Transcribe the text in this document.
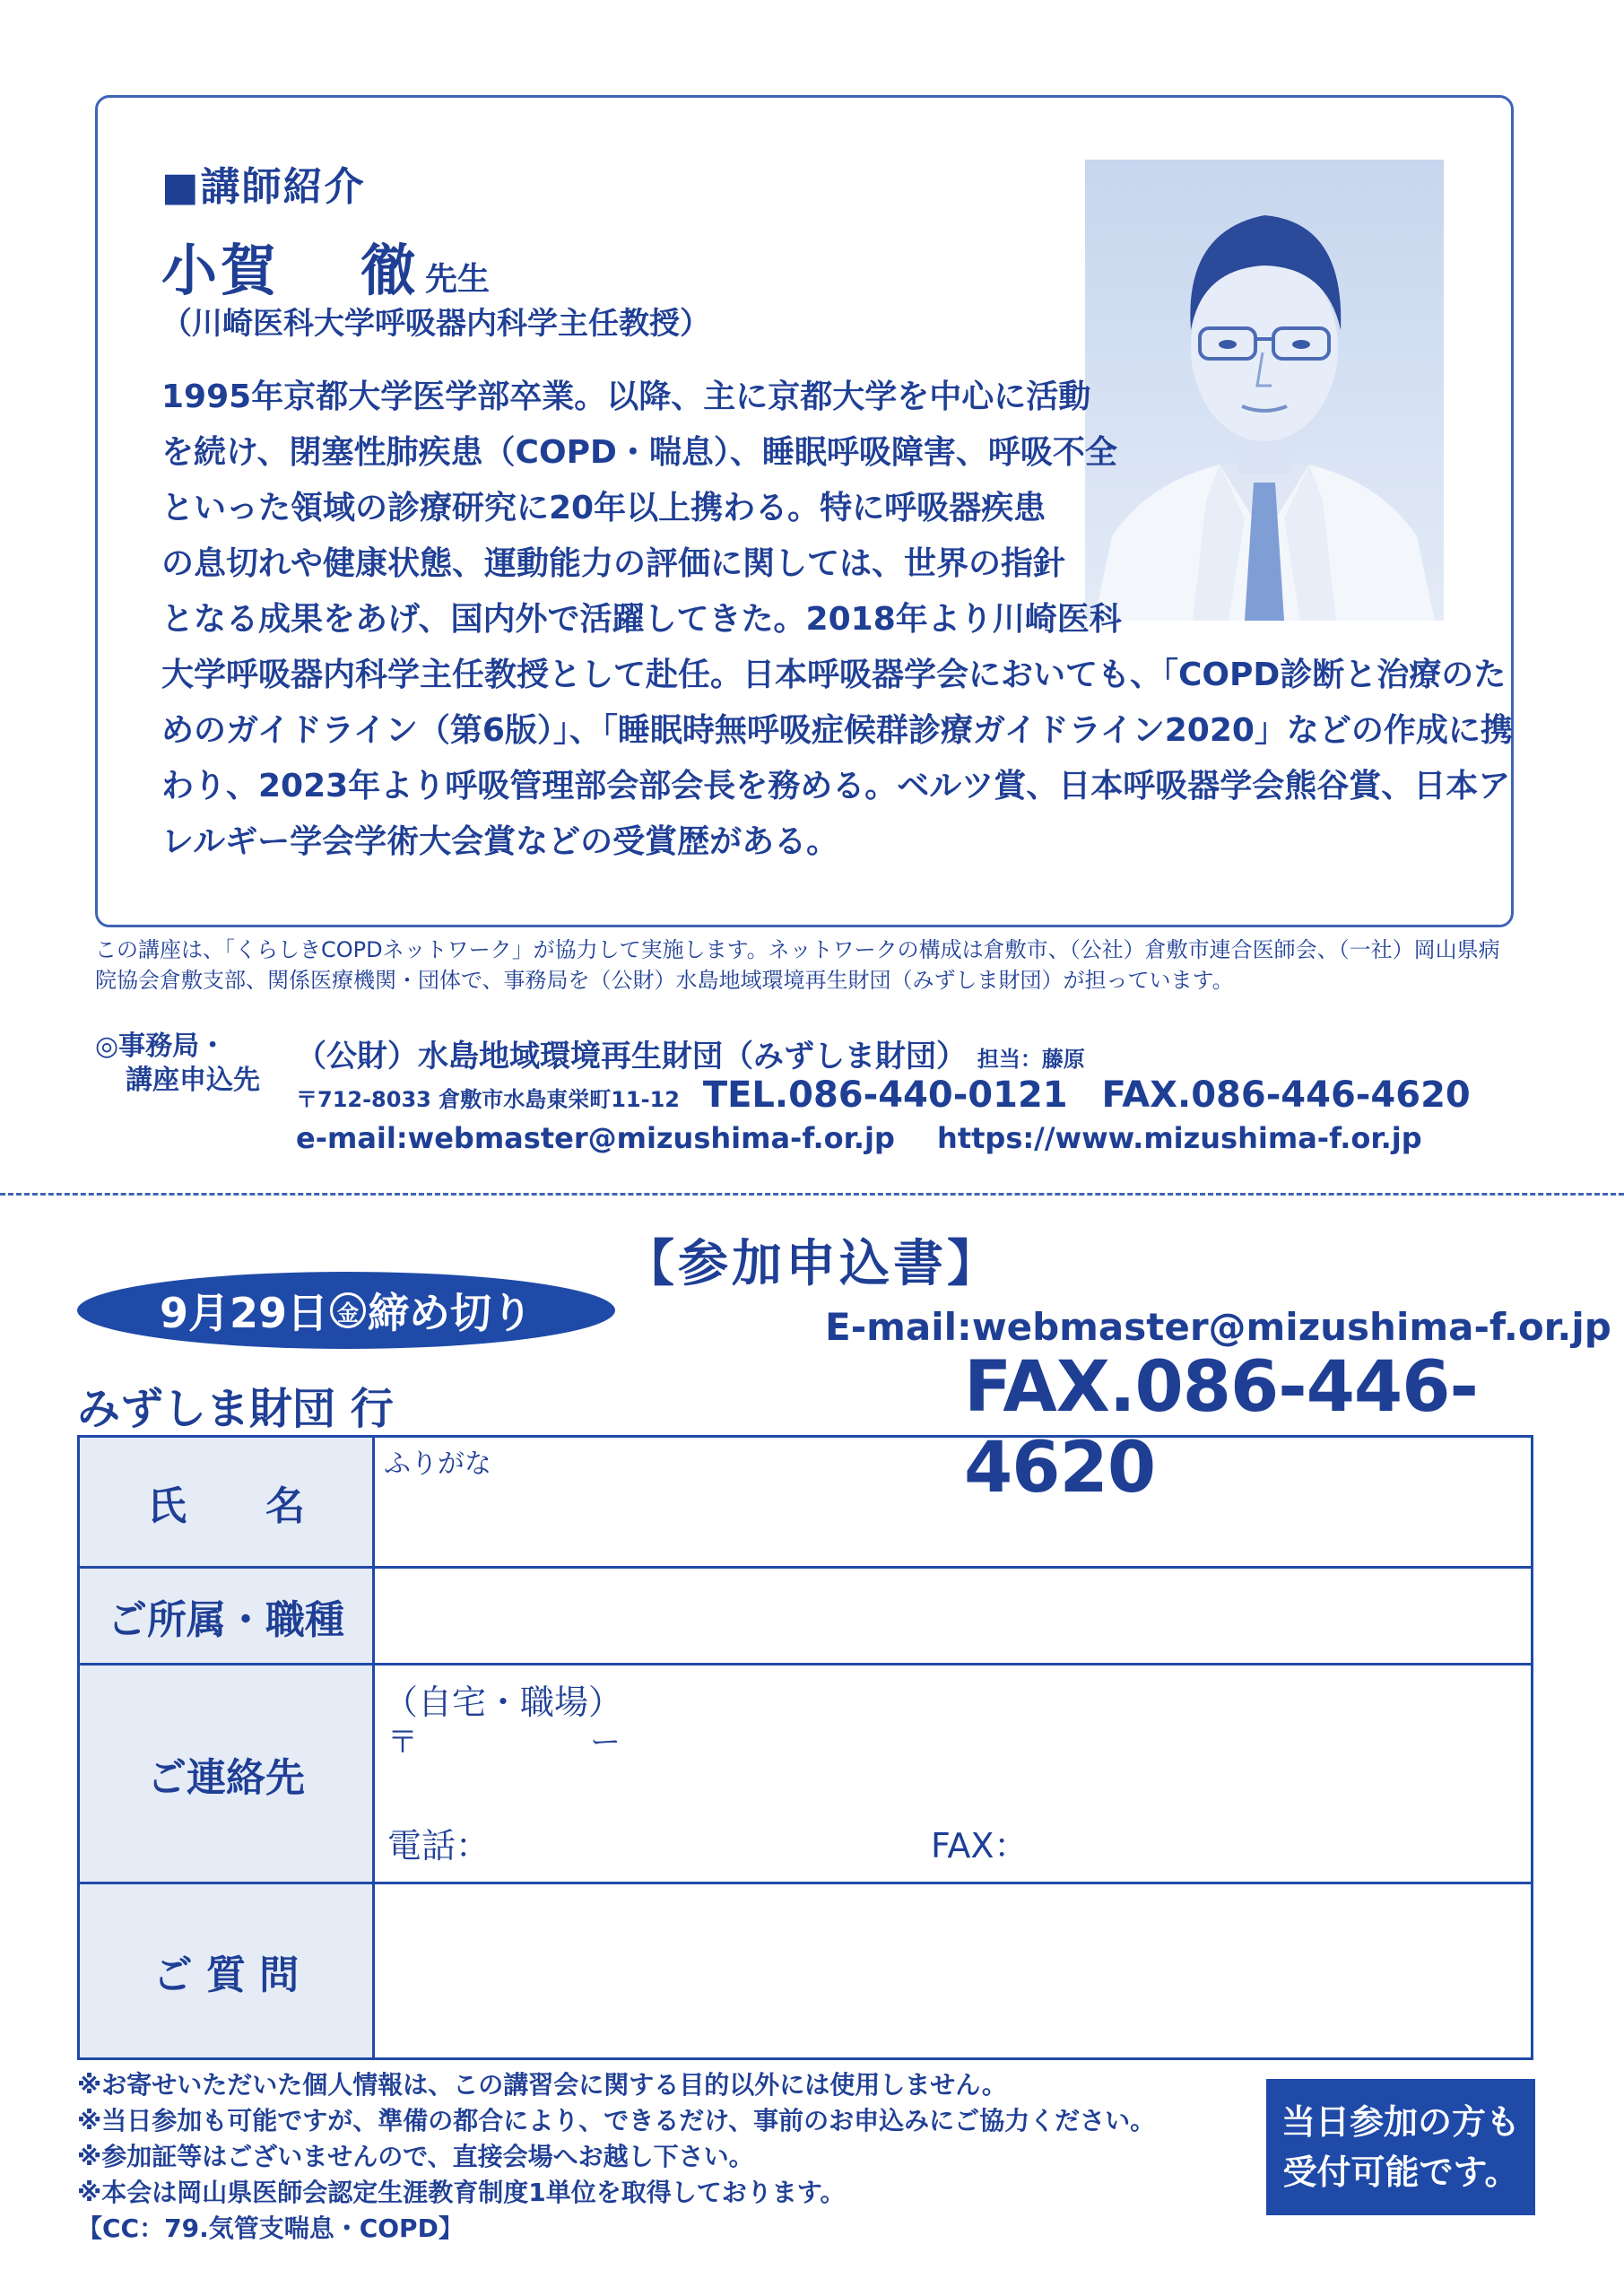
■講師紹介
小賀 徹 先生
（川崎医科大学呼吸器内科学主任教授）
1995年京都大学医学部卒業。以降、主に京都大学を中心に活動
を続け、閉塞性肺疾患（COPD・喘息）、睡眠呼吸障害、呼吸不全
といった領域の診療研究に20年以上携わる。特に呼吸器疾患
の息切れや健康状態、運動能力の評価に関しては、世界の指針
となる成果をあげ、国内外で活躍してきた。2018年より川崎医科
大学呼吸器内科学主任教授として赴任。日本呼吸器学会においても、「COPD診断と治療のた
めのガイドライン（第6版）」、「睡眠時無呼吸症候群診療ガイドライン2020」などの作成に携
わり、2023年より呼吸管理部会部会長を務める。ベルツ賞、日本呼吸器学会熊谷賞、日本ア
レルギー学会学術大会賞などの受賞歴がある。
この講座は、「くらしきCOPDネットワーク」が協力して実施します。ネットワークの構成は倉敷市、（公社）倉敷市連合医師会、（一社）岡山県病
院協会倉敷支部、関係医療機関・団体で、事務局を（公財）水島地域環境再生財団（みずしま財団）が担っています。
◎事務局・
講座申込先
（公財）水島地域環境再生財団（みずしま財団） 担当：藤原
〒712-8033 倉敷市水島東栄町11-12 TEL.086-440-0121 FAX.086-446-4620
e-mail:webmaster@mizushima-f.or.jp https://www.mizushima-f.or.jp
【参加申込書】
9月29日 金 締め切り	E-mail:webmaster@mizushima-f.or.jp
FAX.086-446-4620
みずしま財団 行
氏　　名	ふりがな

ご所属・職種	
ご連絡先	（自宅・職場）
〒 ー
電話： FAX：

ご 質 問	
※お寄せいただいた個人情報は、この講習会に関する目的以外には使用しません。
※当日参加も可能ですが、準備の都合により、できるだけ、事前のお申込みにご協力ください。
※参加証等はございませんので、直接会場へお越し下さい。
※本会は岡山県医師会認定生涯教育制度1単位を取得しております。
【CC：79.気管支喘息・COPD】
当日参加の方も
受付可能です。
